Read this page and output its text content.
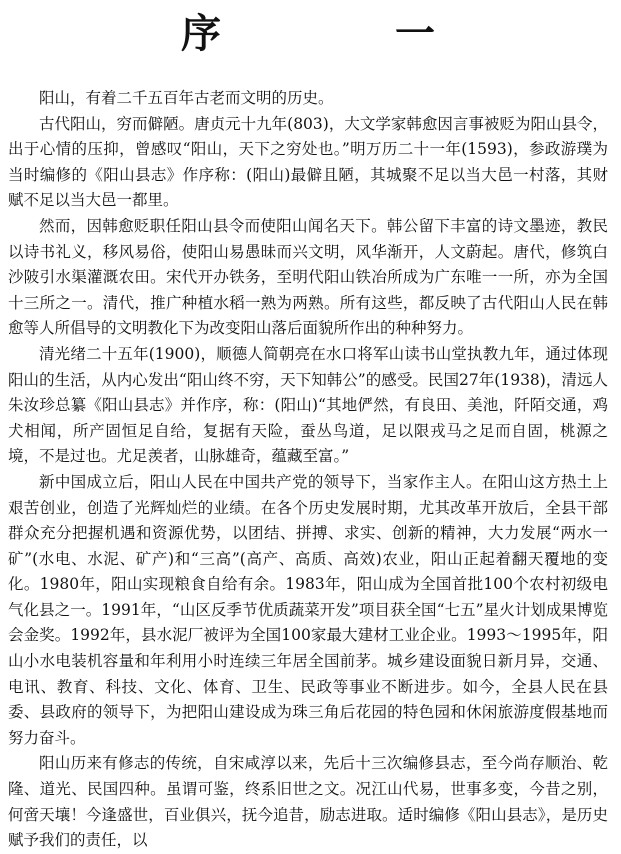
序 一

阳山，有着二千五百年古老而文明的历史。

古代阳山，穷而僻陋。唐贞元十九年(803)，大文学家韩愈因言事被贬为阳山县令，出于心情的压抑，曾感叹“阳山，天下之穷处也。”明万历二十一年(1593)，参政游璞为当时编修的《阳山县志》作序称：(阳山)最僻且陋，其城聚不足以当大邑一村落，其财赋不足以当大邑一都里。

然而，因韩愈贬职任阳山县令而使阳山闻名天下。韩公留下丰富的诗文墨迹，教民以诗书礼义，移风易俗，使阳山易愚昧而兴文明，风华渐开，人文蔚起。唐代，修筑白沙陂引水渠灌溉农田。宋代开办铁务，至明代阳山铁冶所成为广东唯一一所，亦为全国十三所之一。清代，推广种植水稻一熟为两熟。所有这些，都反映了古代阳山人民在韩愈等人所倡导的文明教化下为改变阳山落后面貌所作出的种种努力。

清光绪二十五年(1900)，顺德人简朝亮在水口将军山读书山堂执教九年，通过体现阳山的生活，从内心发出“阳山终不穷，天下知韩公”的感受。民国27年(1938)，清远人朱汝珍总纂《阳山县志》并作序，称：(阳山)“其地俨然，有良田、美池，阡陌交通，鸡犬相闻，所产固恒足自给，复据有天险，蚕丛鸟道，足以限戎马之足而自固，桃源之境，不是过也。尤足羡者，山脉雄奇，蕴藏至富。”

新中国成立后，阳山人民在中国共产党的领导下，当家作主人。在阳山这方热土上艰苦创业，创造了光辉灿烂的业绩。在各个历史发展时期，尤其改革开放后，全县干部群众充分把握机遇和资源优势，以团结、拼搏、求实、创新的精神，大力发展“两水一矿”(水电、水泥、矿产)和“三高”(高产、高质、高效)农业，阳山正起着翻天覆地的变化。1980年，阳山实现粮食自给有余。1983年，阳山成为全国首批100个农村初级电气化县之一。1991年，“山区反季节优质蔬菜开发”项目获全国“七五”星火计划成果博览会金奖。1992年，县水泥厂被评为全国100家最大建材工业企业。1993～1995年，阳山小水电装机容量和年利用小时连续三年居全国前茅。城乡建设面貌日新月异，交通、电讯、教育、科技、文化、体育、卫生、民政等事业不断进步。如今，全县人民在县委、县政府的领导下，为把阳山建设成为珠三角后花园的特色园和休闲旅游度假基地而努力奋斗。

阳山历来有修志的传统，自宋咸淳以来，先后十三次编修县志，至今尚存顺治、乾隆、道光、民国四种。虽谓可鉴，终系旧世之文。况江山代易，世事多变，今昔之别，何啻天壤！今逢盛世，百业俱兴，抚今追昔，励志进取。适时编修《阳山县志》，是历史赋予我们的责任，以
